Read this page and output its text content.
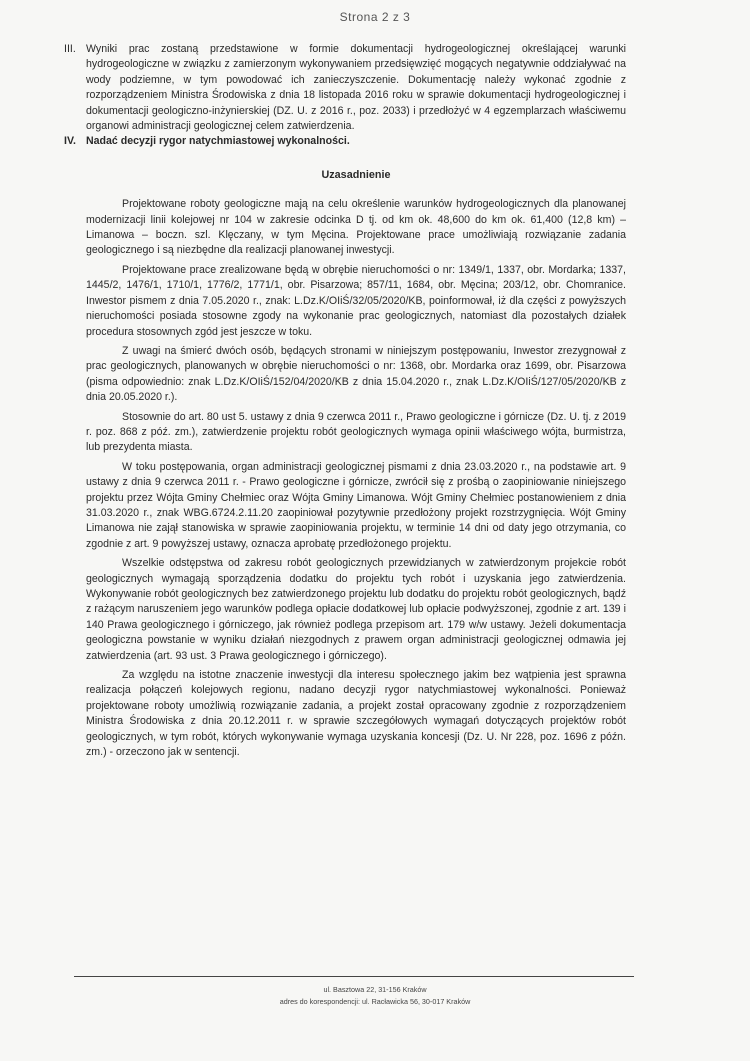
Strona 2 z 3
III. Wyniki prac zostaną przedstawione w formie dokumentacji hydrogeologicznej określającej warunki hydrogeologiczne w związku z zamierzonym wykonywaniem przedsięwzięć mogących negatywnie oddziaływać na wody podziemne, w tym powodować ich zanieczyszczenie. Dokumentację należy wykonać zgodnie z rozporządzeniem Ministra Środowiska z dnia 18 listopada 2016 roku w sprawie dokumentacji hydrogeologicznej i dokumentacji geologiczno-inżynierskiej (DZ. U. z 2016 r., poz. 2033) i przedłożyć w 4 egzemplarzach właściwemu organowi administracji geologicznej celem zatwierdzenia.
IV. Nadać decyzji rygor natychmiastowej wykonalności.
Uzasadnienie

Projektowane roboty geologiczne mają na celu określenie warunków hydrogeologicznych dla planowanej modernizacji linii kolejowej nr 104 w zakresie odcinka D tj. od km ok. 48,600 do km ok. 61,400 (12,8 km) – Limanowa – boczn. szl. Klęczany, w tym Męcina. Projektowane prace umożliwiają rozwiązanie zadania geologicznego i są niezbędne dla realizacji planowanej inwestycji.

Projektowane prace zrealizowane będą w obrębie nieruchomości o nr: 1349/1, 1337, obr. Mordarka; 1337, 1445/2, 1476/1, 1710/1, 1776/2, 1771/1, obr. Pisarzowa; 857/11, 1684, obr. Męcina; 203/12, obr. Chomranice. Inwestor pismem z dnia 7.05.2020 r., znak: L.Dz.K/OIiŚ/32/05/2020/KB, poinformował, iż dla części z powyższych nieruchomości posiada stosowne zgody na wykonanie prac geologicznych, natomiast dla pozostałych działek procedura stosownych zgód jest jeszcze w toku.

Z uwagi na śmierć dwóch osób, będących stronami w niniejszym postępowaniu, Inwestor zrezygnował z prac geologicznych, planowanych w obrębie nieruchomości o nr: 1368, obr. Mordarka oraz 1699, obr. Pisarzowa (pisma odpowiednio: znak L.Dz.K/OIiŚ/152/04/2020/KB z dnia 15.04.2020 r., znak L.Dz.K/OIiŚ/127/05/2020/KB z dnia 20.05.2020 r.).

Stosownie do art. 80 ust 5. ustawy z dnia 9 czerwca 2011 r., Prawo geologiczne i górnicze (Dz. U. tj. z 2019 r. poz. 868 z póź. zm.), zatwierdzenie projektu robót geologicznych wymaga opinii właściwego wójta, burmistrza, lub prezydenta miasta.

W toku postępowania, organ administracji geologicznej pismami z dnia 23.03.2020 r., na podstawie art. 9 ustawy z dnia 9 czerwca 2011 r. - Prawo geologiczne i górnicze, zwrócił się z prośbą o zaopiniowanie niniejszego projektu przez Wójta Gminy Chełmiec oraz Wójta Gminy Limanowa. Wójt Gminy Chełmiec postanowieniem z dnia 31.03.2020 r., znak WBG.6724.2.11.20 zaopiniował pozytywnie przedłożony projekt rozstrzygnięcia. Wójt Gminy Limanowa nie zajął stanowiska w sprawie zaopiniowania projektu, w terminie 14 dni od daty jego otrzymania, co zgodnie z art. 9 powyższej ustawy, oznacza aprobatę przedłożonego projektu.

Wszelkie odstępstwa od zakresu robót geologicznych przewidzianych w zatwierdzonym projekcie robót geologicznych wymagają sporządzenia dodatku do projektu tych robót i uzyskania jego zatwierdzenia. Wykonywanie robót geologicznych bez zatwierdzonego projektu lub dodatku do projektu robót geologicznych, bądź z rażącym naruszeniem jego warunków podlega opłacie dodatkowej lub opłacie podwyższonej, zgodnie z art. 139 i 140 Prawa geologicznego i górniczego, jak również podlega przepisom art. 179 w/w ustawy. Jeżeli dokumentacja geologiczna powstanie w wyniku działań niezgodnych z prawem organ administracji geologicznej odmawia jej zatwierdzenia (art. 93 ust. 3 Prawa geologicznego i górniczego).

Za względu na istotne znaczenie inwestycji dla interesu społecznego jakim bez wątpienia jest sprawna realizacja połączeń kolejowych regionu, nadano decyzji rygor natychmiastowej wykonalności. Ponieważ projektowane roboty umożliwią rozwiązanie zadania, a projekt został opracowany zgodnie z rozporządzeniem Ministra Środowiska z dnia 20.12.2011 r. w sprawie szczegółowych wymagań dotyczących projektów robót geologicznych, w tym robót, których wykonywanie wymaga uzyskania koncesji (Dz. U. Nr 228, poz. 1696 z późn. zm.) - orzeczono jak w sentencji.

ul. Basztowa 22, 31-156 Kraków
adres do korespondencji: ul. Racławicka 56, 30-017 Kraków
